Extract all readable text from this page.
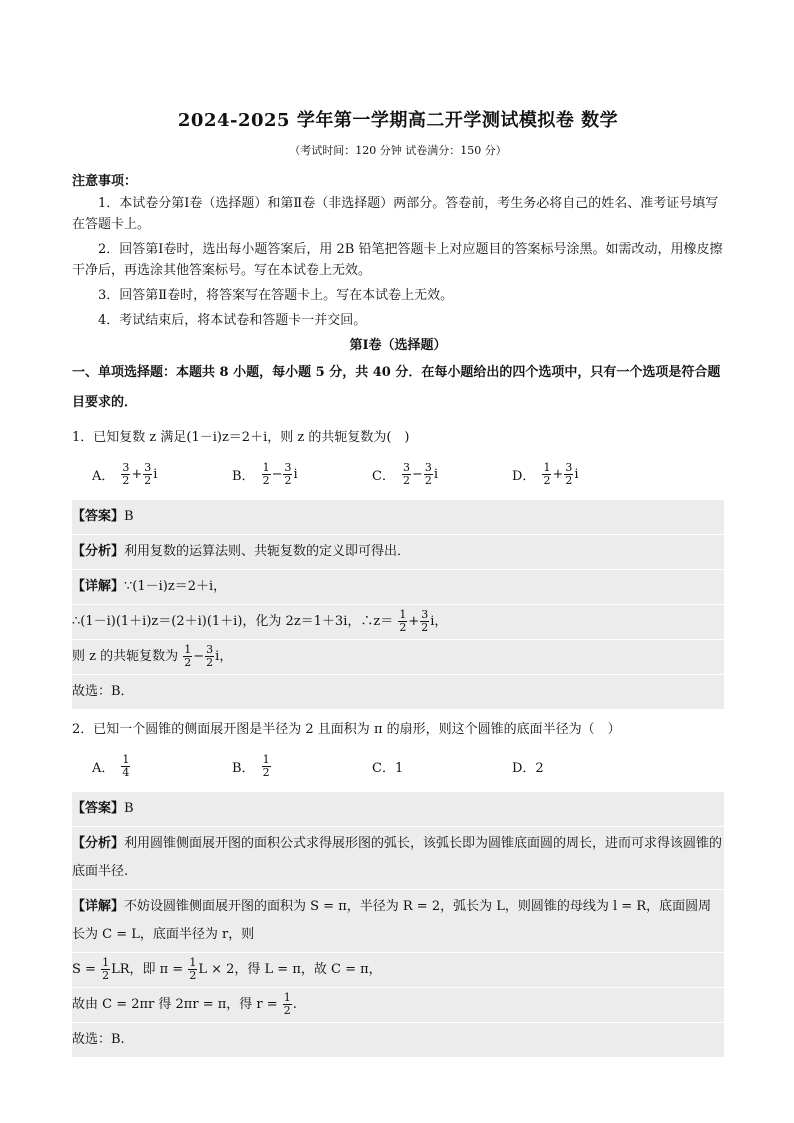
2024-2025 学年第一学期高二开学测试模拟卷 数学
（考试时间：120 分钟 试卷满分：150 分）
注意事项：

1．本试卷分第Ⅰ卷（选择题）和第Ⅱ卷（非选择题）两部分。答卷前，考生务必将自己的姓名、准考证号填写在答题卡上。

2．回答第Ⅰ卷时，选出每小题答案后，用 2B 铅笔把答题卡上对应题目的答案标号涂黑。如需改动，用橡皮擦干净后，再选涂其他答案标号。写在本试卷上无效。

3．回答第Ⅱ卷时，将答案写在答题卡上。写在本试卷上无效。

4．考试结束后，将本试卷和答题卡一并交回。

第Ⅰ卷（选择题）
一、单项选择题：本题共 8 小题，每小题 5 分，共 40 分．在每小题给出的四个选项中，只有一个选项是符合题目要求的．
1．已知复数 z 满足(1－i)z＝2＋i，则 z 的共轭复数为(　)
A． $\frac{3}{2} + \frac{3}{2}$ i	B． $\frac{1}{2} - \frac{3}{2}$ i	C． $\frac{3}{2} - \frac{3}{2}$ i	D． $\frac{1}{2} + \frac{3}{2}$ i
【答案】B
【分析】利用复数的运算法则、共轭复数的定义即可得出．
【详解】∵(1－i)z＝2＋i，
∴(1－i)(1＋i)z＝(2＋i)(1＋i)，化为 2z＝1＋3i，∴z＝ $\frac{1}{2} + \frac{3}{2}$ i，
则 z 的共轭复数为 $\frac{1}{2} - \frac{3}{2}$ i，
故选：B．
2．已知一个圆锥的侧面展开图是半径为 2 且面积为 π 的扇形，则这个圆锥的底面半径为（　）
A． $\frac{1}{4}$	B． $\frac{1}{2}$	C．1	D．2
【答案】B
【分析】利用圆锥侧面展开图的面积公式求得展形图的弧长，该弧长即为圆锥底面圆的周长，进而可求得该圆锥的底面半径.
【详解】不妨设圆锥侧面展开图的面积为 S = π，半径为 R = 2，弧长为 L，则圆锥的母线为 l = R，底面圆周长为 C = L，底面半径为 r，则
$S = \frac{1}{2}$ LR，即 $\pi = \frac{1}{2}$ L × 2，得 L = π，故 C = π，
故由 C = 2πr 得 2πr = π，得 $r = \frac{1}{2}$ .
故选：B.
